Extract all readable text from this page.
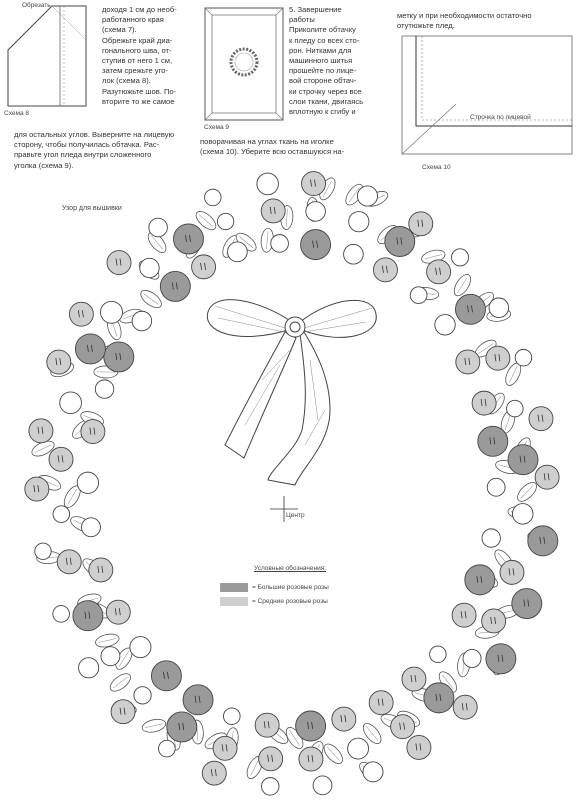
Обрезать
Схема 8
доходя 1 см до необ-
работанного края
(схема 7).
Обрежьте край диа-
гонального шва, от-
ступив от него 1 см,
затем срежьте уго-
лок (схема 8).
Разутюжьте шов. По-
вторите то же самое
для остальных углов. Выверните на лицевую
сторону, чтобы получилась обтачка. Рас-
правьте угол пледа внутри сложенного
уголка (схема 9).
Схема 9
5. Завершение работы
Приколите обтачку
к пледу со всех сто-
рон. Нитками для
машинного шитья
прошейте по лице-
вой стороне обтач-
ки строчку через все
слои ткани, двигаясь
вплотную к сгибу и
поворачивая на углах ткань на иголке
(схема 10). Уберите всю оставшуюся на-
метку и при необходимости остаточно
отутюжьте плед.
Строчка по лицевой
Схема 10
Узор для вышивки
Центр
Условные обозначения:
= Большие розовые розы
= Средние розовые розы
